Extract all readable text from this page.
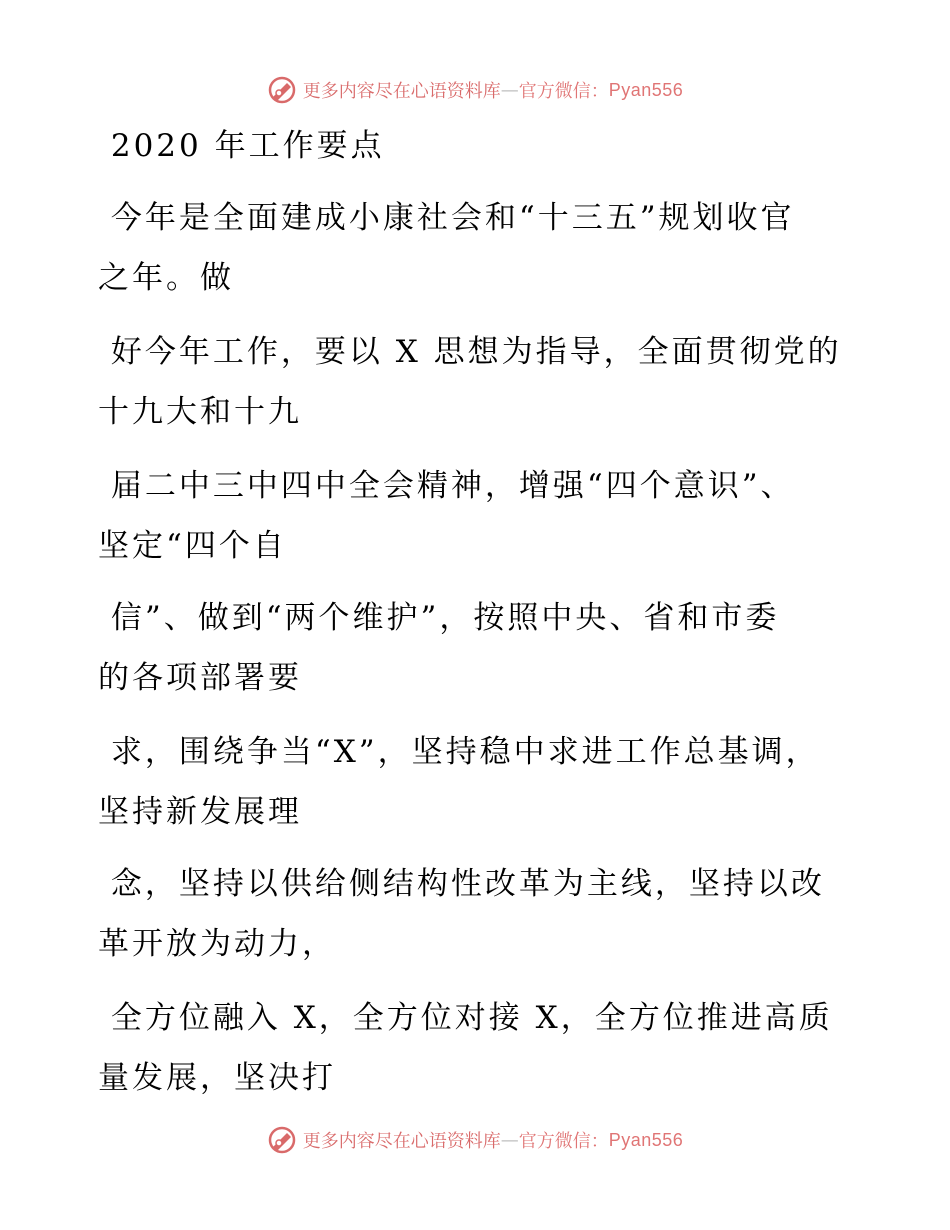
更多内容尽在心语资料库 — 官方微信： Pyan556
2020 年工作要点
今年是全面建成小康社会和“十三五”规划收官
之年。做
好今年工作，要以 X 思想为指导，全面贯彻党的
十九大和十九
届二中三中四中全会精神，增强“四个意识”、
坚定“四个自
信”、做到“两个维护”，按照中央、省和市委
的各项部署要
求，围绕争当“X”，坚持稳中求进工作总基调，
坚持新发展理
念，坚持以供给侧结构性改革为主线，坚持以改
革开放为动力，
全方位融入 X，全方位对接 X，全方位推进高质
量发展，坚决打
更多内容尽在心语资料库 — 官方微信： Pyan556
